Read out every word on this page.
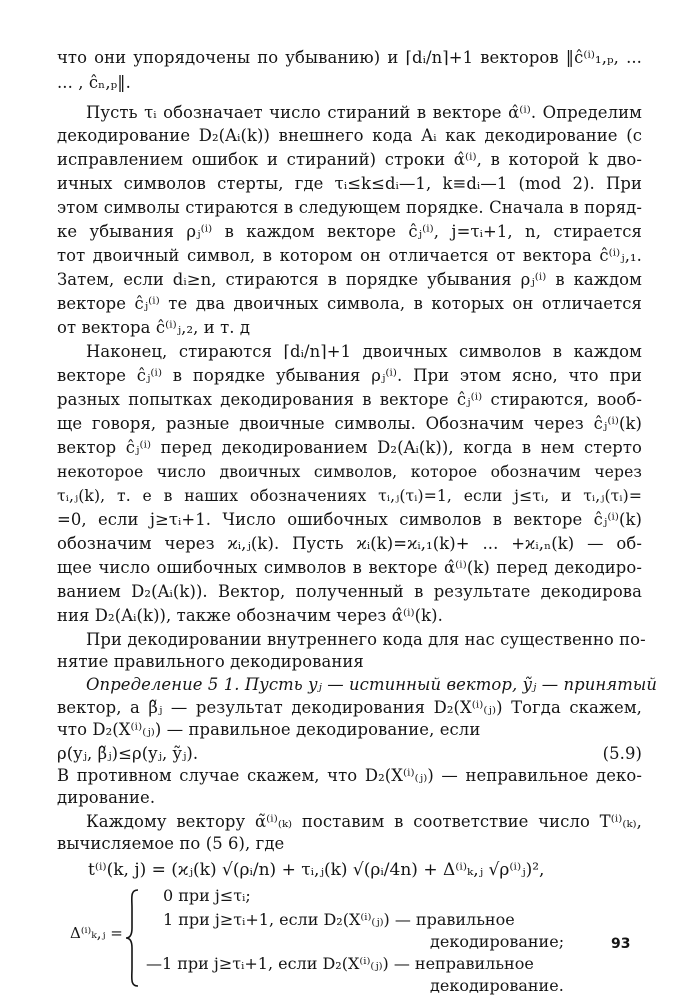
что они упорядочены по убыванию) и ⌈dᵢ/n⌉+1 векторов ‖ĉ⁽ⁱ⁾₁,ₚ, ...
... , ĉₙ,ₚ‖.
Пусть τᵢ обозначает число стираний в векторе α̂⁽ⁱ⁾. Определим
декодирование D₂(Aᵢ(k)) внешнего кода Aᵢ как декодирование (с
исправлением ошибок и стираний) строки α̂⁽ⁱ⁾, в которой k дво-
ичных символов стерты, где τᵢ≤k≤dᵢ—1, k≡dᵢ—1 (mod 2). При
этом символы стираются в следующем порядке. Сначала в поряд-
ке убывания ρⱼ⁽ⁱ⁾ в каждом векторе ĉⱼ⁽ⁱ⁾, j=τᵢ+1, n, стирается
тот двоичный символ, в котором он отличается от вектора ĉ⁽ⁱ⁾ⱼ,₁.
Затем, если dᵢ≥n, стираются в порядке убывания ρⱼ⁽ⁱ⁾ в каждом
векторе ĉⱼ⁽ⁱ⁾ те два двоичных символа, в которых он отличается
от вектора ĉ⁽ⁱ⁾ⱼ,₂, и т. д
Наконец, стираются ⌈dᵢ/n⌉+1 двоичных символов в каждом
векторе ĉⱼ⁽ⁱ⁾ в порядке убывания ρⱼ⁽ⁱ⁾. При этом ясно, что при
разных попытках декодирования в векторе ĉⱼ⁽ⁱ⁾ стираются, вооб-
ще говоря, разные двоичные символы. Обозначим через ĉⱼ⁽ⁱ⁾(k)
вектор ĉⱼ⁽ⁱ⁾ перед декодированием D₂(Aᵢ(k)), когда в нем стерто
некоторое число двоичных символов, которое обозначим через
τᵢ,ⱼ(k), т. е в наших обозначениях τᵢ,ⱼ(τᵢ)=1, если j≤τᵢ, и τᵢ,ⱼ(τᵢ)=
=0, если j≥τᵢ+1. Число ошибочных символов в векторе ĉⱼ⁽ⁱ⁾(k)
обозначим через ϰᵢ,ⱼ(k). Пусть ϰᵢ(k)=ϰᵢ,₁(k)+ ... +ϰᵢ,ₙ(k) — об-
щее число ошибочных символов в векторе α̂⁽ⁱ⁾(k) перед декодиро-
ванием D₂(Aᵢ(k)). Вектор, полученный в результате декодирова
ния D₂(Aᵢ(k)), также обозначим через α̂⁽ⁱ⁾(k).
При декодировании внутреннего кода для нас существенно по-
нятие правильного декодирования
Определение 5 1. Пусть yⱼ — истинный вектор, ỹⱼ — принятый
вектор, а β̃ⱼ — результат декодирования D₂(X⁽ⁱ⁾₍ⱼ₎) Тогда скажем,
что D₂(X⁽ⁱ⁾₍ⱼ₎) — правильное декодирование, если
ρ(yⱼ, β̃ⱼ)≤ρ(yⱼ, ỹⱼ).	(5.9)
В противном случае скажем, что D₂(X⁽ⁱ⁾₍ⱼ₎) — неправильное деко-
дирование.
Каждому вектору α̃⁽ⁱ⁾₍ₖ₎ поставим в соответствие число T⁽ⁱ⁾₍ₖ₎,
вычисляемое по (5 6), где
t⁽ⁱ⁾(k, j) = (ϰⱼ(k) √(ρᵢ/n) + τᵢ,ⱼ(k) √(ρᵢ/4n) + Δ⁽ⁱ⁾ₖ,ⱼ √ρ⁽ⁱ⁾ⱼ)²,
Δ⁽ⁱ⁾ₖ,ⱼ =
0 при j≤τᵢ;
1 при j≥τᵢ+1, если D₂(X⁽ⁱ⁾₍ⱼ₎) — правильное
декодирование;
—1 при j≥τᵢ+1, если D₂(X⁽ⁱ⁾₍ⱼ₎) — неправильное
декодирование.
93
